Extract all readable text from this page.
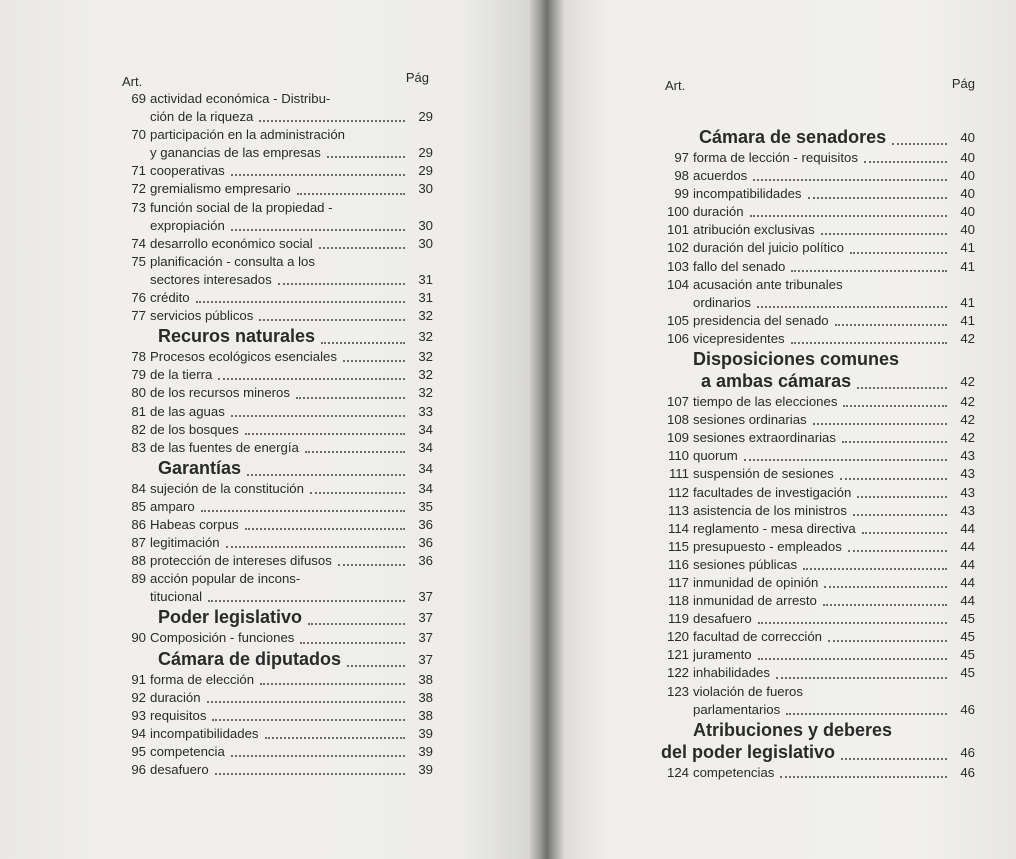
Art.	Pág
69 actividad económica - Distribu-
ción de la riqueza	29
70 participación en la administración
y ganancias de las empresas	29
71 cooperativas	29
72 gremialismo empresario	30
73 función social de la propiedad -
expropiación	30
74 desarrollo económico social	30
75 planificación - consulta a los
sectores interesados	31
76 crédito	31
77 servicios públicos	32
Recuros naturales	32
78 Procesos ecológicos esenciales	32
79 de la tierra	32
80 de los recursos mineros	32
81 de las aguas	33
82 de los bosques	34
83 de las fuentes de energía	34
Garantías	34
84 sujeción de la constitución	34
85 amparo	35
86 Habeas corpus	36
87 legitimación	36
88 protección de intereses difusos	36
89 acción popular de incons-
titucional	37
Poder legislativo	37
90 Composición - funciones	37
Cámara de diputados	37
91 forma de elección	38
92 duración	38
93 requisitos	38
94 incompatibilidades	39
95 competencia	39
96 desafuero	39
Art.	Pág
Cámara de senadores	40
97 forma de lección - requisitos	40
98 acuerdos	40
99 incompatibilidades	40
100 duración	40
101 atribución exclusivas	40
102 duración del juicio político	41
103 fallo del senado	41
104 acusación ante tribunales
ordinarios	41
105 presidencia del senado	41
106 vicepresidentes	42
Disposiciones comunes
a ambas cámaras	42
107 tiempo de las elecciones	42
108 sesiones ordinarias	42
109 sesiones extraordinarias	42
110 quorum	43
111 suspensión de sesiones	43
112 facultades de investigación	43
113 asistencia de los ministros	43
114 reglamento - mesa directiva	44
115 presupuesto - empleados	44
116 sesiones públicas	44
117 inmunidad de opinión	44
118 inmunidad de arresto	44
119 desafuero	45
120 facultad de corrección	45
121 juramento	45
122 inhabilidades	45
123 violación de fueros
parlamentarios	46
Atribuciones y deberes
del poder legislativo	46
124 competencias	46
